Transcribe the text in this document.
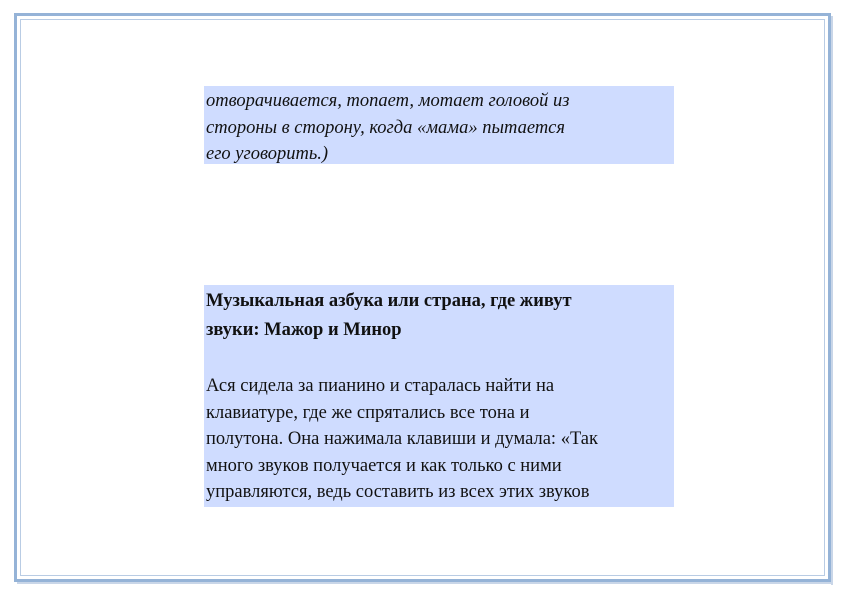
отворачивается, топает, мотает головой из
стороны в сторону, когда «мама» пытается
его уговорить.)
Музыкальная азбука или страна, где живут
звуки: Мажор и Минор
Ася сидела за пианино и старалась найти на
клавиатуре, где же спрятались все тона и
полутона. Она нажимала клавиши и думала: «Так
много звуков получается и как только с ними
управляются, ведь составить из всех этих звуков
